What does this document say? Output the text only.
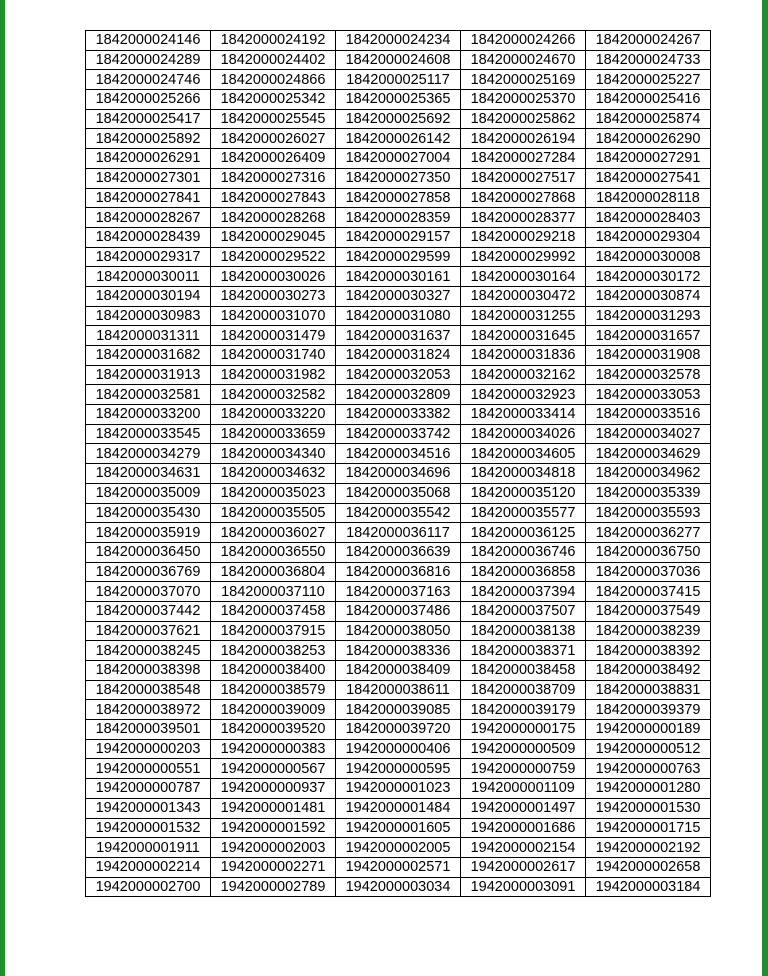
1842000024146	1842000024192	1842000024234	1842000024266	1842000024267
1842000024289	1842000024402	1842000024608	1842000024670	1842000024733
1842000024746	1842000024866	1842000025117	1842000025169	1842000025227
1842000025266	1842000025342	1842000025365	1842000025370	1842000025416
1842000025417	1842000025545	1842000025692	1842000025862	1842000025874
1842000025892	1842000026027	1842000026142	1842000026194	1842000026290
1842000026291	1842000026409	1842000027004	1842000027284	1842000027291
1842000027301	1842000027316	1842000027350	1842000027517	1842000027541
1842000027841	1842000027843	1842000027858	1842000027868	1842000028118
1842000028267	1842000028268	1842000028359	1842000028377	1842000028403
1842000028439	1842000029045	1842000029157	1842000029218	1842000029304
1842000029317	1842000029522	1842000029599	1842000029992	1842000030008
1842000030011	1842000030026	1842000030161	1842000030164	1842000030172
1842000030194	1842000030273	1842000030327	1842000030472	1842000030874
1842000030983	1842000031070	1842000031080	1842000031255	1842000031293
1842000031311	1842000031479	1842000031637	1842000031645	1842000031657
1842000031682	1842000031740	1842000031824	1842000031836	1842000031908
1842000031913	1842000031982	1842000032053	1842000032162	1842000032578
1842000032581	1842000032582	1842000032809	1842000032923	1842000033053
1842000033200	1842000033220	1842000033382	1842000033414	1842000033516
1842000033545	1842000033659	1842000033742	1842000034026	1842000034027
1842000034279	1842000034340	1842000034516	1842000034605	1842000034629
1842000034631	1842000034632	1842000034696	1842000034818	1842000034962
1842000035009	1842000035023	1842000035068	1842000035120	1842000035339
1842000035430	1842000035505	1842000035542	1842000035577	1842000035593
1842000035919	1842000036027	1842000036117	1842000036125	1842000036277
1842000036450	1842000036550	1842000036639	1842000036746	1842000036750
1842000036769	1842000036804	1842000036816	1842000036858	1842000037036
1842000037070	1842000037110	1842000037163	1842000037394	1842000037415
1842000037442	1842000037458	1842000037486	1842000037507	1842000037549
1842000037621	1842000037915	1842000038050	1842000038138	1842000038239
1842000038245	1842000038253	1842000038336	1842000038371	1842000038392
1842000038398	1842000038400	1842000038409	1842000038458	1842000038492
1842000038548	1842000038579	1842000038611	1842000038709	1842000038831
1842000038972	1842000039009	1842000039085	1842000039179	1842000039379
1842000039501	1842000039520	1842000039720	1942000000175	1942000000189
1942000000203	1942000000383	1942000000406	1942000000509	1942000000512
1942000000551	1942000000567	1942000000595	1942000000759	1942000000763
1942000000787	1942000000937	1942000001023	1942000001109	1942000001280
1942000001343	1942000001481	1942000001484	1942000001497	1942000001530
1942000001532	1942000001592	1942000001605	1942000001686	1942000001715
1942000001911	1942000002003	1942000002005	1942000002154	1942000002192
1942000002214	1942000002271	1942000002571	1942000002617	1942000002658
1942000002700	1942000002789	1942000003034	1942000003091	1942000003184
